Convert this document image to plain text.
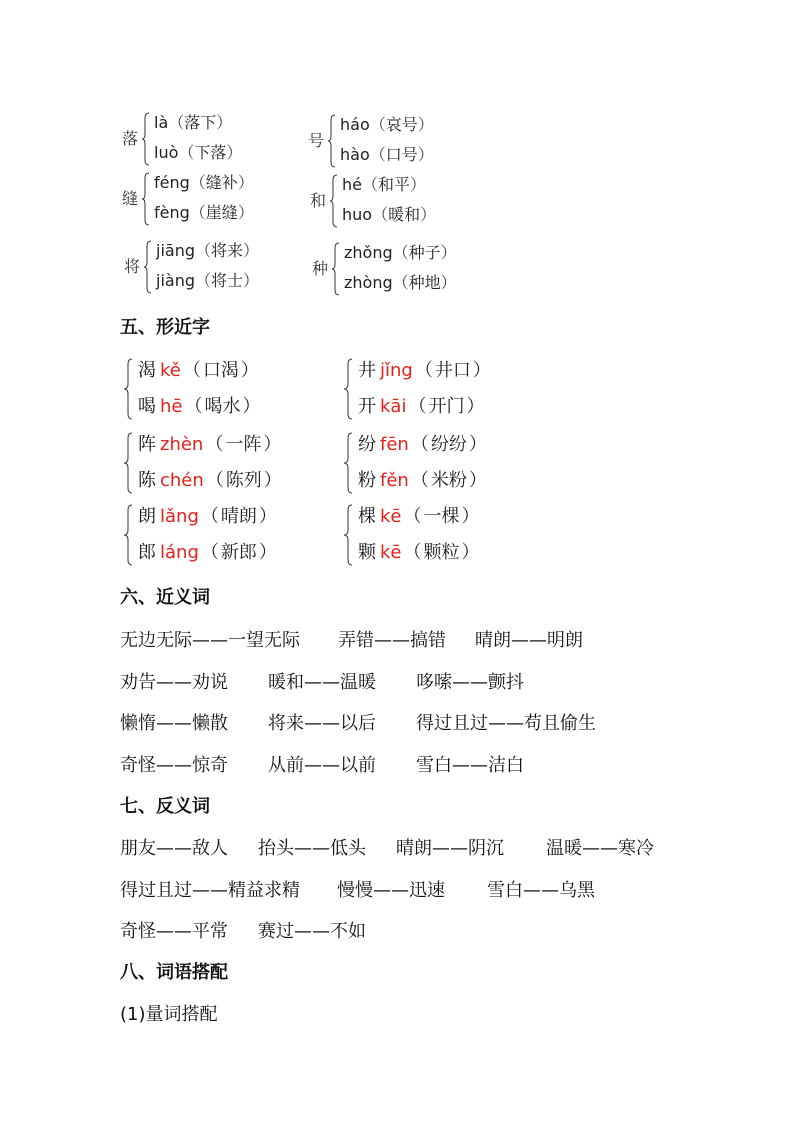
落
là（落下）
luò（下落）
号
háo（哀号）
hào（口号）
缝
féng（缝补）
fèng（崖缝）
和
hé（和平）
huo（暖和）
将
jiāng（将来）
jiàng（将士）
种
zhǒng（种子）
zhòng（种地）
五、形近字
渴 kě （ 口渴 ）
喝 hē （ 喝水 ）
井 jǐng （ 井口 ）
开 kāi （ 开门 ）
阵 zhèn （ 一阵 ）
陈 chén （ 陈列 ）
纷 fēn （ 纷纷 ）
粉 fěn （ 米粉 ）
朗 lǎng （ 晴朗 ）
郎 láng （ 新郎 ）
棵 kē （ 一棵 ）
颗 kē （ 颗粒 ）
六、近义词
无边无际——一望无际 弄错——搞错 晴朗——明朗
劝告——劝说 暖和——温暖 哆嗦——颤抖
懒惰——懒散 将来——以后 得过且过——苟且偷生
奇怪——惊奇 从前——以前 雪白——洁白
七、反义词
朋友——敌人 抬头——低头 晴朗——阴沉 温暖——寒冷
得过且过——精益求精 慢慢——迅速 雪白——乌黑
奇怪——平常 赛过——不如
八、词语搭配
(1)量词搭配
